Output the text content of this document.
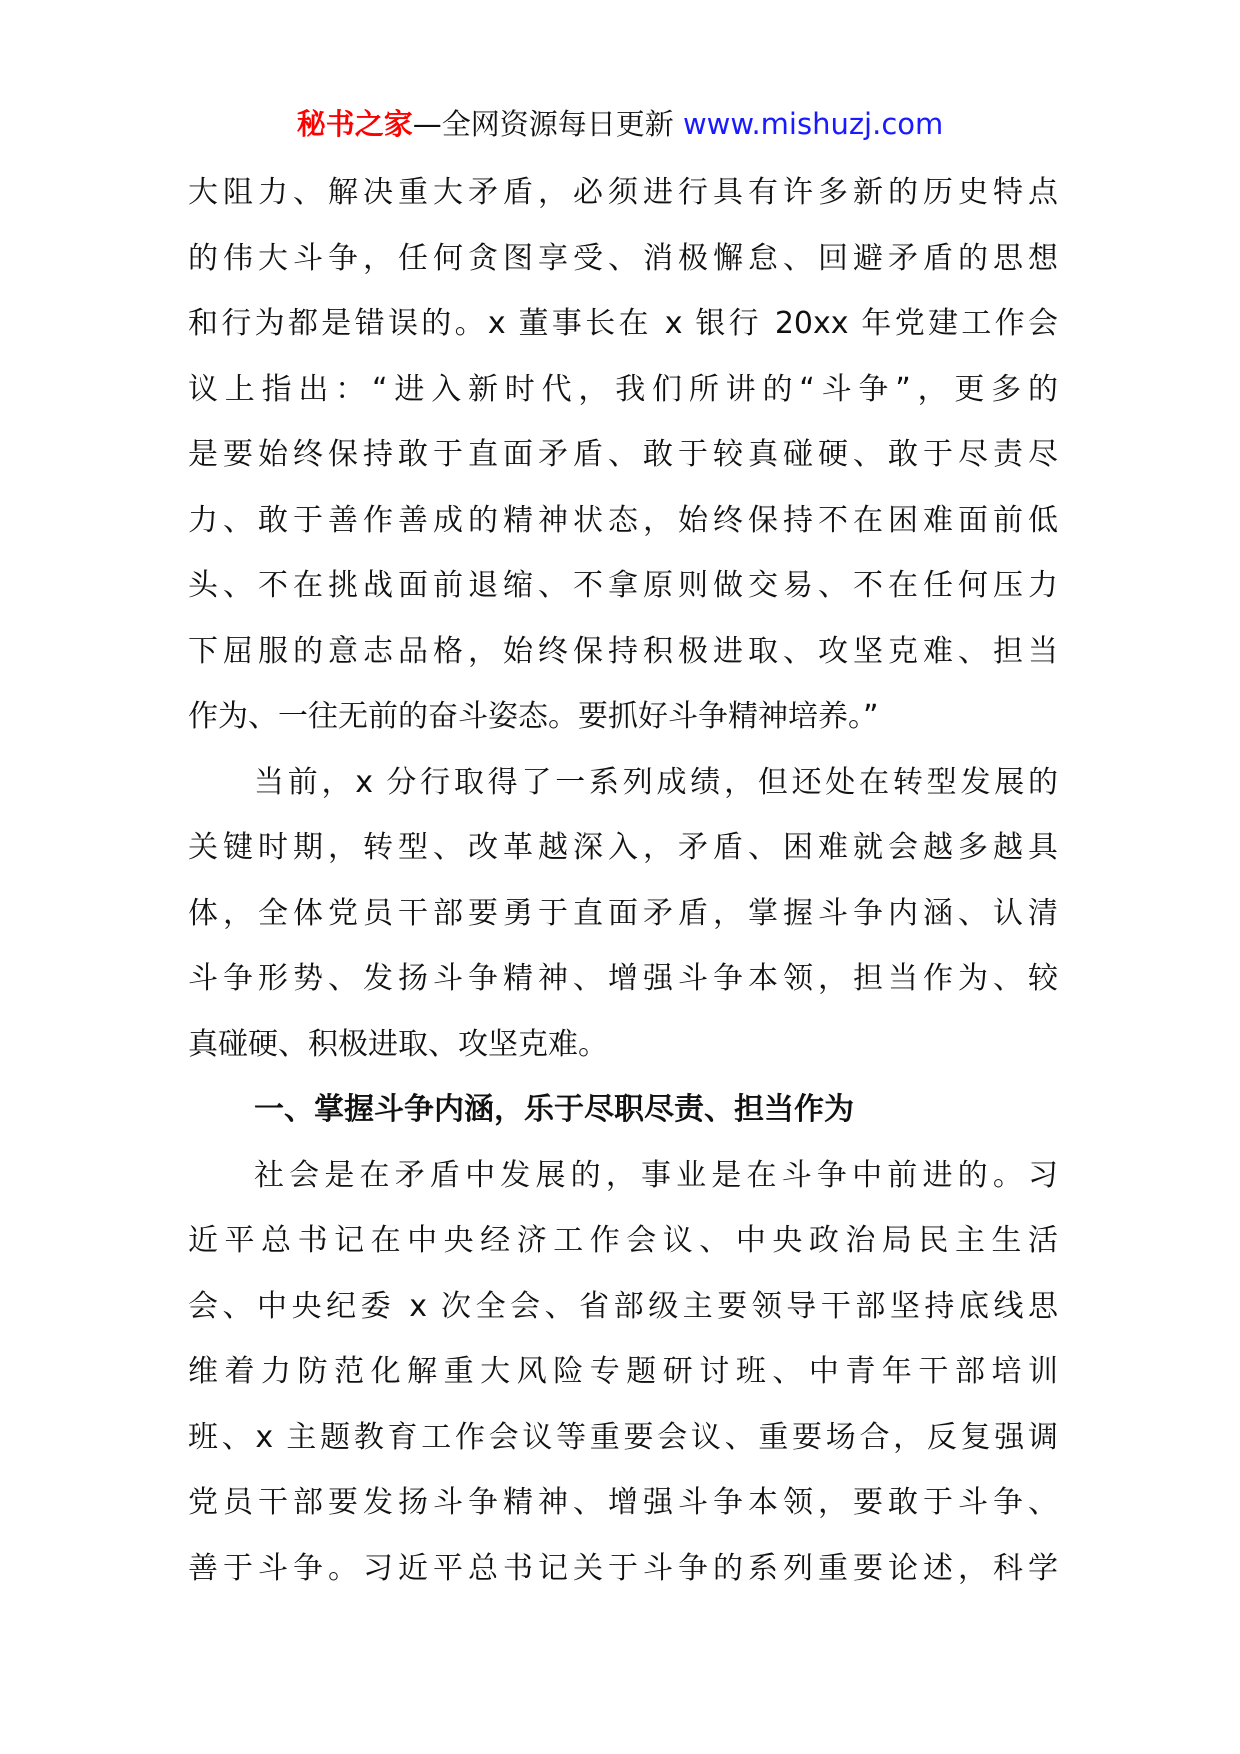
秘书之家—全网资源每日更新 www.mishuzj.com
大阻力、解决重大矛盾，必须进行具有许多新的历史特点
的伟大斗争，任何贪图享受、消极懈怠、回避矛盾的思想
和行为都是错误的。x 董事长在 x 银行 20xx 年党建工作会
议上指出：“进入新时代，我们所讲的“斗争”，更多的
是要始终保持敢于直面矛盾、敢于较真碰硬、敢于尽责尽
力、敢于善作善成的精神状态，始终保持不在困难面前低
头、不在挑战面前退缩、不拿原则做交易、不在任何压力
下屈服的意志品格，始终保持积极进取、攻坚克难、担当
作为、一往无前的奋斗姿态。要抓好斗争精神培养。”
当前，x 分行取得了一系列成绩，但还处在转型发展的
关键时期，转型、改革越深入，矛盾、困难就会越多越具
体，全体党员干部要勇于直面矛盾，掌握斗争内涵、认清
斗争形势、发扬斗争精神、增强斗争本领，担当作为、较
真碰硬、积极进取、攻坚克难。
一、掌握斗争内涵，乐于尽职尽责、担当作为
社会是在矛盾中发展的，事业是在斗争中前进的。习
近平总书记在中央经济工作会议、中央政治局民主生活
会、中央纪委 x 次全会、省部级主要领导干部坚持底线思
维着力防范化解重大风险专题研讨班、中青年干部培训
班、x 主题教育工作会议等重要会议、重要场合，反复强调
党员干部要发扬斗争精神、增强斗争本领，要敢于斗争、
善于斗争。习近平总书记关于斗争的系列重要论述，科学
